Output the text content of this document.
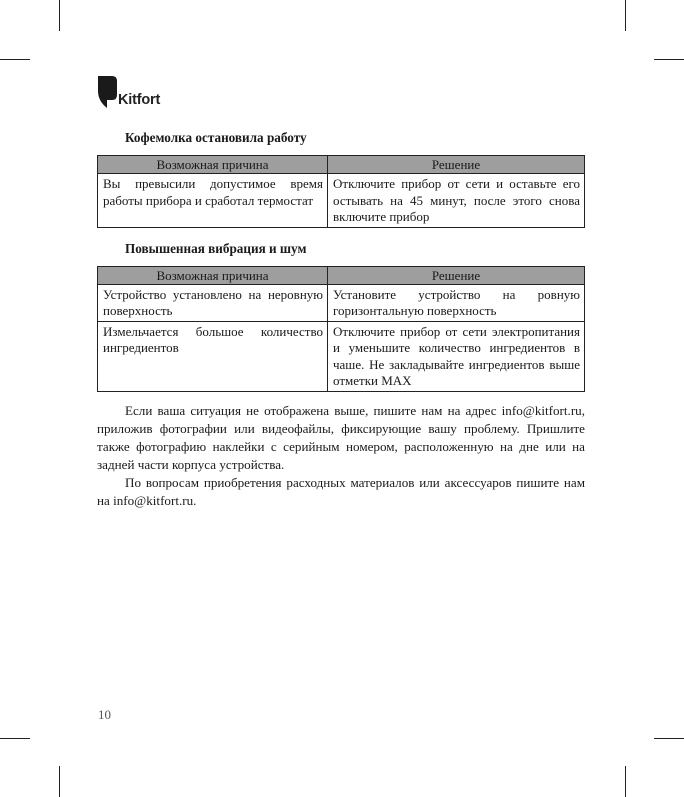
Kitfort
Кофемолка остановила работу
Возможная причина	Решение
Вы превысили допустимое время работы прибора и сработал термостат	Отключите прибор от сети и оставьте его остывать на 45 минут, после этого снова включите прибор
Повышенная вибрация и шум
Возможная причина	Решение
Устройство установлено на неровную поверхность	Установите устройство на ровную горизонтальную поверхность
Измельчается большое количество ингредиентов	Отключите прибор от сети электропитания и уменьшите количество ингредиентов в чаше. Не закладывайте ингредиентов выше отметки MAX

Если ваша ситуация не отображена выше, пишите нам на адрес info@kitfort.ru, приложив фотографии или видеофайлы, фиксирующие вашу проблему. Пришлите также фотографию наклейки с серийным номером, расположенную на дне или на задней части корпуса устройства.

По вопросам приобретения расходных материалов или аксессуаров пишите нам на info@kitfort.ru.

10
